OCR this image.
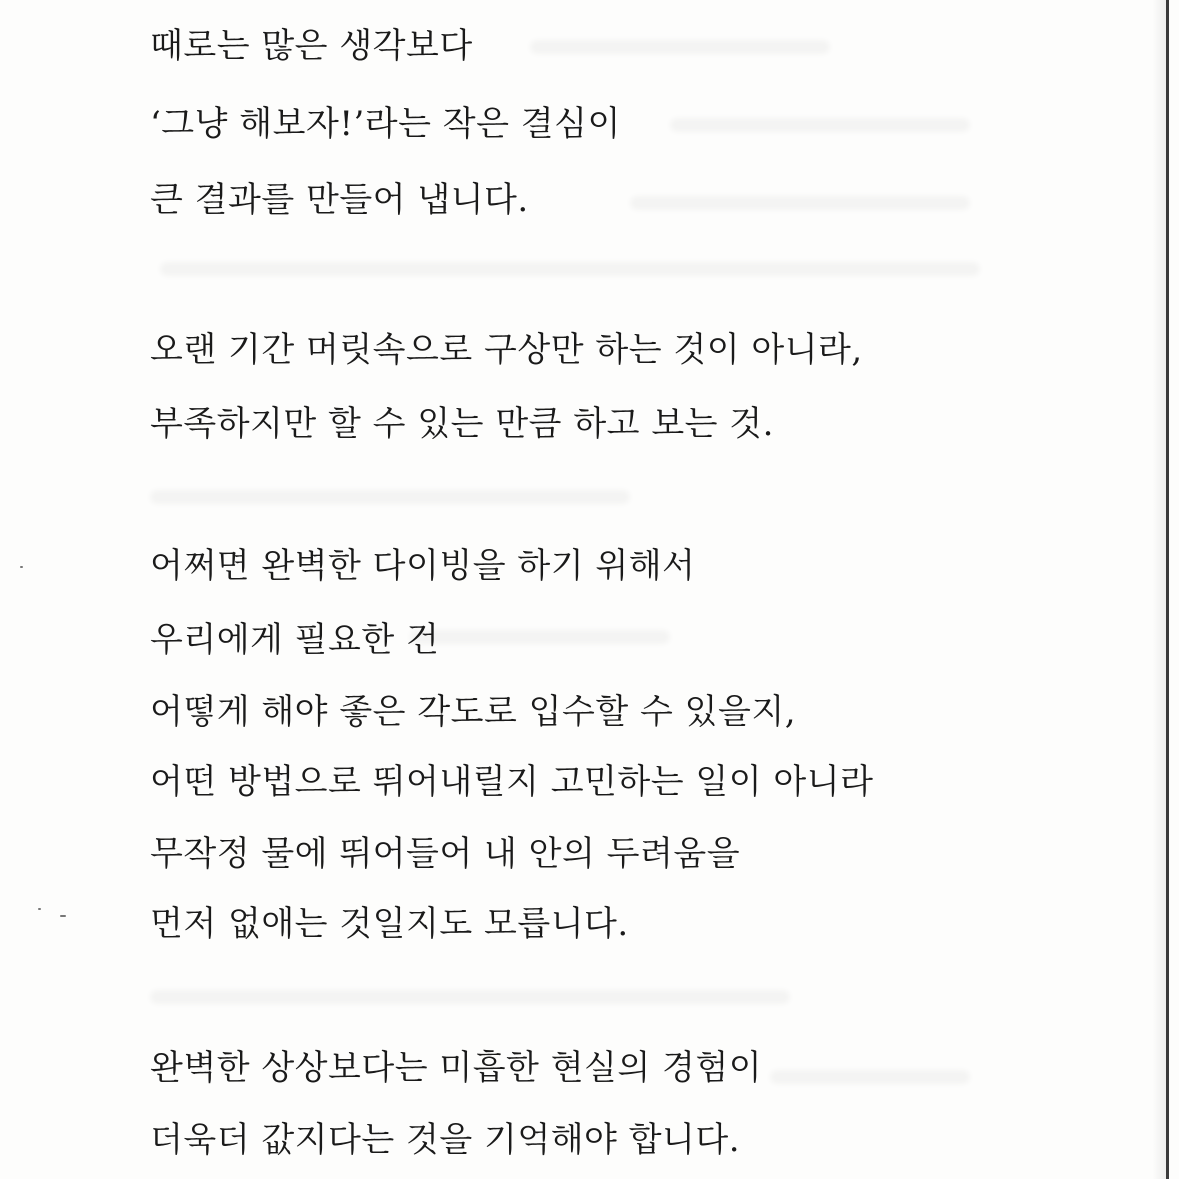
때로는 많은 생각보다
‘그냥 해보자!’라는 작은 결심이
큰 결과를 만들어 냅니다.
오랜 기간 머릿속으로 구상만 하는 것이 아니라,
부족하지만 할 수 있는 만큼 하고 보는 것.
어쩌면 완벽한 다이빙을 하기 위해서
우리에게 필요한 건
어떻게 해야 좋은 각도로 입수할 수 있을지,
어떤 방법으로 뛰어내릴지 고민하는 일이 아니라
무작정 물에 뛰어들어 내 안의 두려움을
먼저 없애는 것일지도 모릅니다.
완벽한 상상보다는 미흡한 현실의 경험이
더욱더 값지다는 것을 기억해야 합니다.
